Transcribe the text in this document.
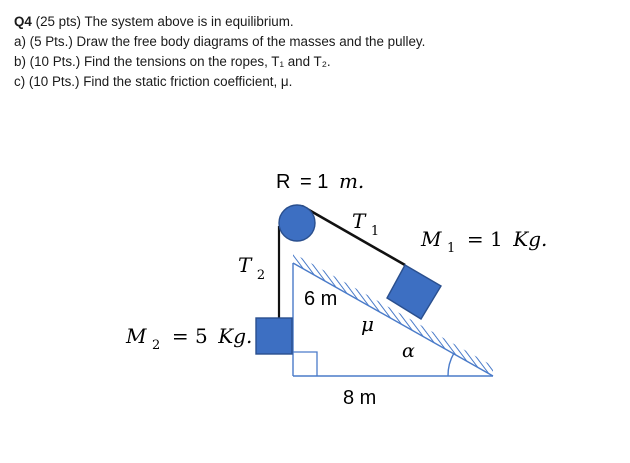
Q4 (25 pts) The system above is in equilibrium.
a) (5 Pts.) Draw the free body diagrams of the masses and the pulley.
b) (10 Pts.) Find the tensions on the ropes, T₁ and T₂.
c) (10 Pts.) Find the static friction coefficient, μ.
R = 1 m.
T $_1$ M $_1$ = 1 Kg.
T $_2$
6 m
μ
M $_2$ = 5 Kg.
α
8 m
